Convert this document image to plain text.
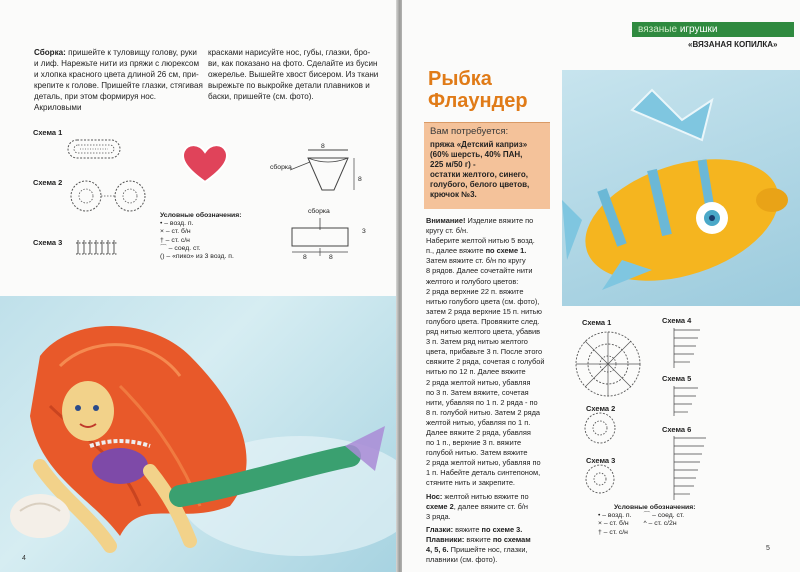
Сборка: пришейте к туловищу голову, руки
и лиф. Нарежьте нити из пряжи с люрексом
и хлопка красного цвета длиной 26 см, при-
крепите к голове. Пришейте глазки, стягивая
деталь, при этом формируя нос. Акриловыми
красками нарисуйте нос, губы, глазки, бро-
ви, как показано на фото. Сделайте из бусин
ожерелье. Вышейте хвост бисером. Из ткани
вырежьте по выкройке детали плавников и
баски, пришейте (см. фото).
Схема 1
Схема 2
Схема 3
сборка
8
8
сборка
3
8	8
Условные обозначения:
• – возд. п.
× – ст. б/н
† – ст. с/н
⌒ – соед. ст.
() – «пико» из 3 возд. п.
4
вязаные игрушки
«ВЯЗАНАЯ КОПИЛКА»
Рыбка
Флаундер
Вам потребуется:
пряжа «Детский каприз»
(60% шерсть, 40% ПАН,
225 м/50 г) -
остатки желтого, синего,
голубого, белого цветов,
крючок №3.
Внимание! Изделие вяжите по
кругу ст. б/н.
Наберите желтой нитью 5 возд.
п., далее вяжите по схеме 1.
Затем вяжите ст. б/н по кругу
8 рядов. Далее сочетайте нити
желтого и голубого цветов:
2 ряда верхние 22 п. вяжите
нитью голубого цвета (см. фото),
затем 2 ряда верхние 15 п. нитью
голубого цвета. Провяжите след.
ряд нитью желтого цвета, убавив
3 п. Затем ряд нитью желтого
цвета, прибавьте 3 п. После этого
свяжите 2 ряда, сочетая с голубой
нитью по 12 п. Далее вяжите
2 ряда желтой нитью, убавляя
по 3 п. Затем вяжите, сочетая
нити, убавляя по 1 п. 2 ряда - по
8 п. голубой нитью. Затем 2 ряда
желтой нитью, убавляя по 1 п.
Далее вяжите 2 ряда, убавляя
по 1 п., верхние 3 п. вяжите
голубой нитью. Затем вяжите
2 ряда желтой нитью, убавляя по
1 п. Набейте деталь синтепоном,
стяните нить и закрепите.
Нос: желтой нитью вяжите по
схеме 2, далее вяжите ст. б/н
3 ряда.
Глазки: вяжите по схеме 3.
Плавники: вяжите по схемам
4, 5, 6. Пришейте нос, глазки,
плавники (см. фото).
Схема 1
Схема 2
Схема 3
Схема 4
Схема 5
Схема 6
Условные обозначения:
• – возд. п.
× – ст. б/н
† – ст. с/н
⌒ – соед. ст.
^ – ст. с/2н
5
